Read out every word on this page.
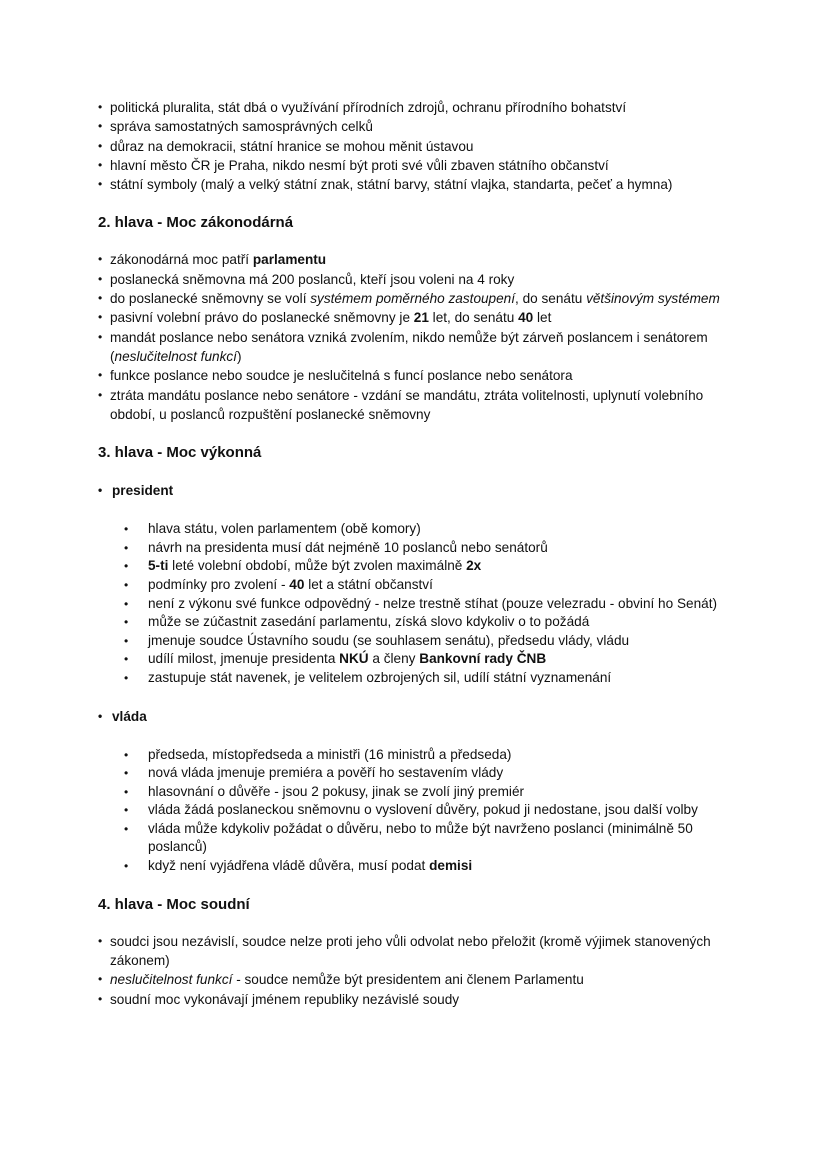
• politická pluralita, stát dbá o využívání přírodních zdrojů, ochranu přírodního bohatství
• správa samostatných samosprávných celků
• důraz na demokracii, státní hranice se mohou měnit ústavou
• hlavní město ČR je Praha, nikdo nesmí být proti své vůli zbaven státního občanství
• státní symboly (malý a velký státní znak, státní barvy, státní vlajka, standarta, pečeť a hymna)
2. hlava - Moc zákonodárná
• zákonodárná moc patří parlamentu
• poslanecká sněmovna má 200 poslanců, kteří jsou voleni na 4 roky
• do poslanecké sněmovny se volí systémem poměrného zastoupení, do senátu většinovým systémem
• pasivní volební právo do poslanecké sněmovny je 21 let, do senátu 40 let
• mandát poslance nebo senátora vzniká zvolením, nikdo nemůže být zárveň poslancem i senátorem (neslučitelnost funkcí)
• funkce poslance nebo soudce je neslučitelná s funcí poslance nebo senátora
• ztráta mandátu poslance nebo senátore - vzdání se mandátu, ztráta volitelnosti, uplynutí volebního období, u poslanců rozpuštění poslanecké sněmovny
3. hlava - Moc výkonná
• president
• hlava státu, volen parlamentem (obě komory)
• návrh na presidenta musí dát nejméně 10 poslanců nebo senátorů
• 5-ti leté volební období, může být zvolen maximálně 2x
• podmínky pro zvolení - 40 let a státní občanství
• není z výkonu své funkce odpovědný - nelze trestně stíhat (pouze velezradu - obviní ho Senát)
• může se zúčastnit zasedání parlamentu, získá slovo kdykoliv o to požádá
• jmenuje soudce Ústavního soudu (se souhlasem senátu), předsedu vlády, vládu
• udílí milost, jmenuje presidenta NKÚ a členy Bankovní rady ČNB
• zastupuje stát navenek, je velitelem ozbrojených sil, udílí státní vyznamenání
• vláda
• předseda, místopředseda a ministři (16 ministrů a předseda)
• nová vláda jmenuje premiéra a pověří ho sestavením vlády
• hlasovnání o důvěře - jsou 2 pokusy, jinak se zvolí jiný premiér
• vláda žádá poslaneckou sněmovnu o vyslovení důvěry, pokud ji nedostane, jsou další volby
• vláda může kdykoliv požádat o důvěru, nebo to může být navrženo poslanci (minimálně 50 poslanců)
• když není vyjádřena vládě důvěra, musí podat demisi
4. hlava - Moc soudní
• soudci jsou nezávislí, soudce nelze proti jeho vůli odvolat nebo přeložit (kromě výjimek stanovených zákonem)
• neslučitelnost funkcí - soudce nemůže být presidentem ani členem Parlamentu
• soudní moc vykonávají jménem republiky nezávislé soudy
